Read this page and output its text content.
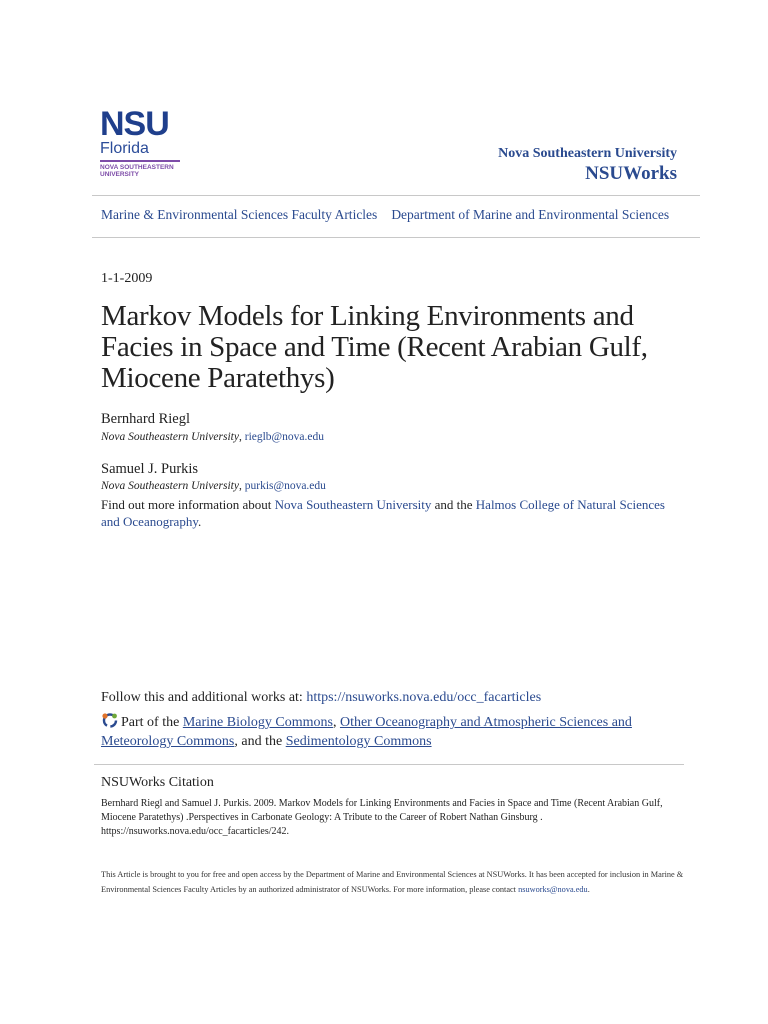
NSU
Florida
NOVA SOUTHEASTERN
UNIVERSITY
Nova Southeastern University
NSUWorks
Marine & Environmental Sciences Faculty Articles Department of Marine and Environmental Sciences
1-1-2009
Markov Models for Linking Environments and Facies in Space and Time (Recent Arabian Gulf, Miocene Paratethys)
Bernhard Riegl
Nova Southeastern University, rieglb@nova.edu
Samuel J. Purkis
Nova Southeastern University, purkis@nova.edu
Find out more information about Nova Southeastern University and the Halmos College of Natural Sciences and Oceanography.
Follow this and additional works at: https://nsuworks.nova.edu/occ_facarticles
Part of the Marine Biology Commons, Other Oceanography and Atmospheric Sciences and Meteorology Commons, and the Sedimentology Commons
NSUWorks Citation
Bernhard Riegl and Samuel J. Purkis. 2009. Markov Models for Linking Environments and Facies in Space and Time (Recent Arabian Gulf, Miocene Paratethys) .Perspectives in Carbonate Geology: A Tribute to the Career of Robert Nathan Ginsburg . https://nsuworks.nova.edu/occ_facarticles/242.
This Article is brought to you for free and open access by the Department of Marine and Environmental Sciences at NSUWorks. It has been accepted for inclusion in Marine & Environmental Sciences Faculty Articles by an authorized administrator of NSUWorks. For more information, please contact nsuworks@nova.edu.
